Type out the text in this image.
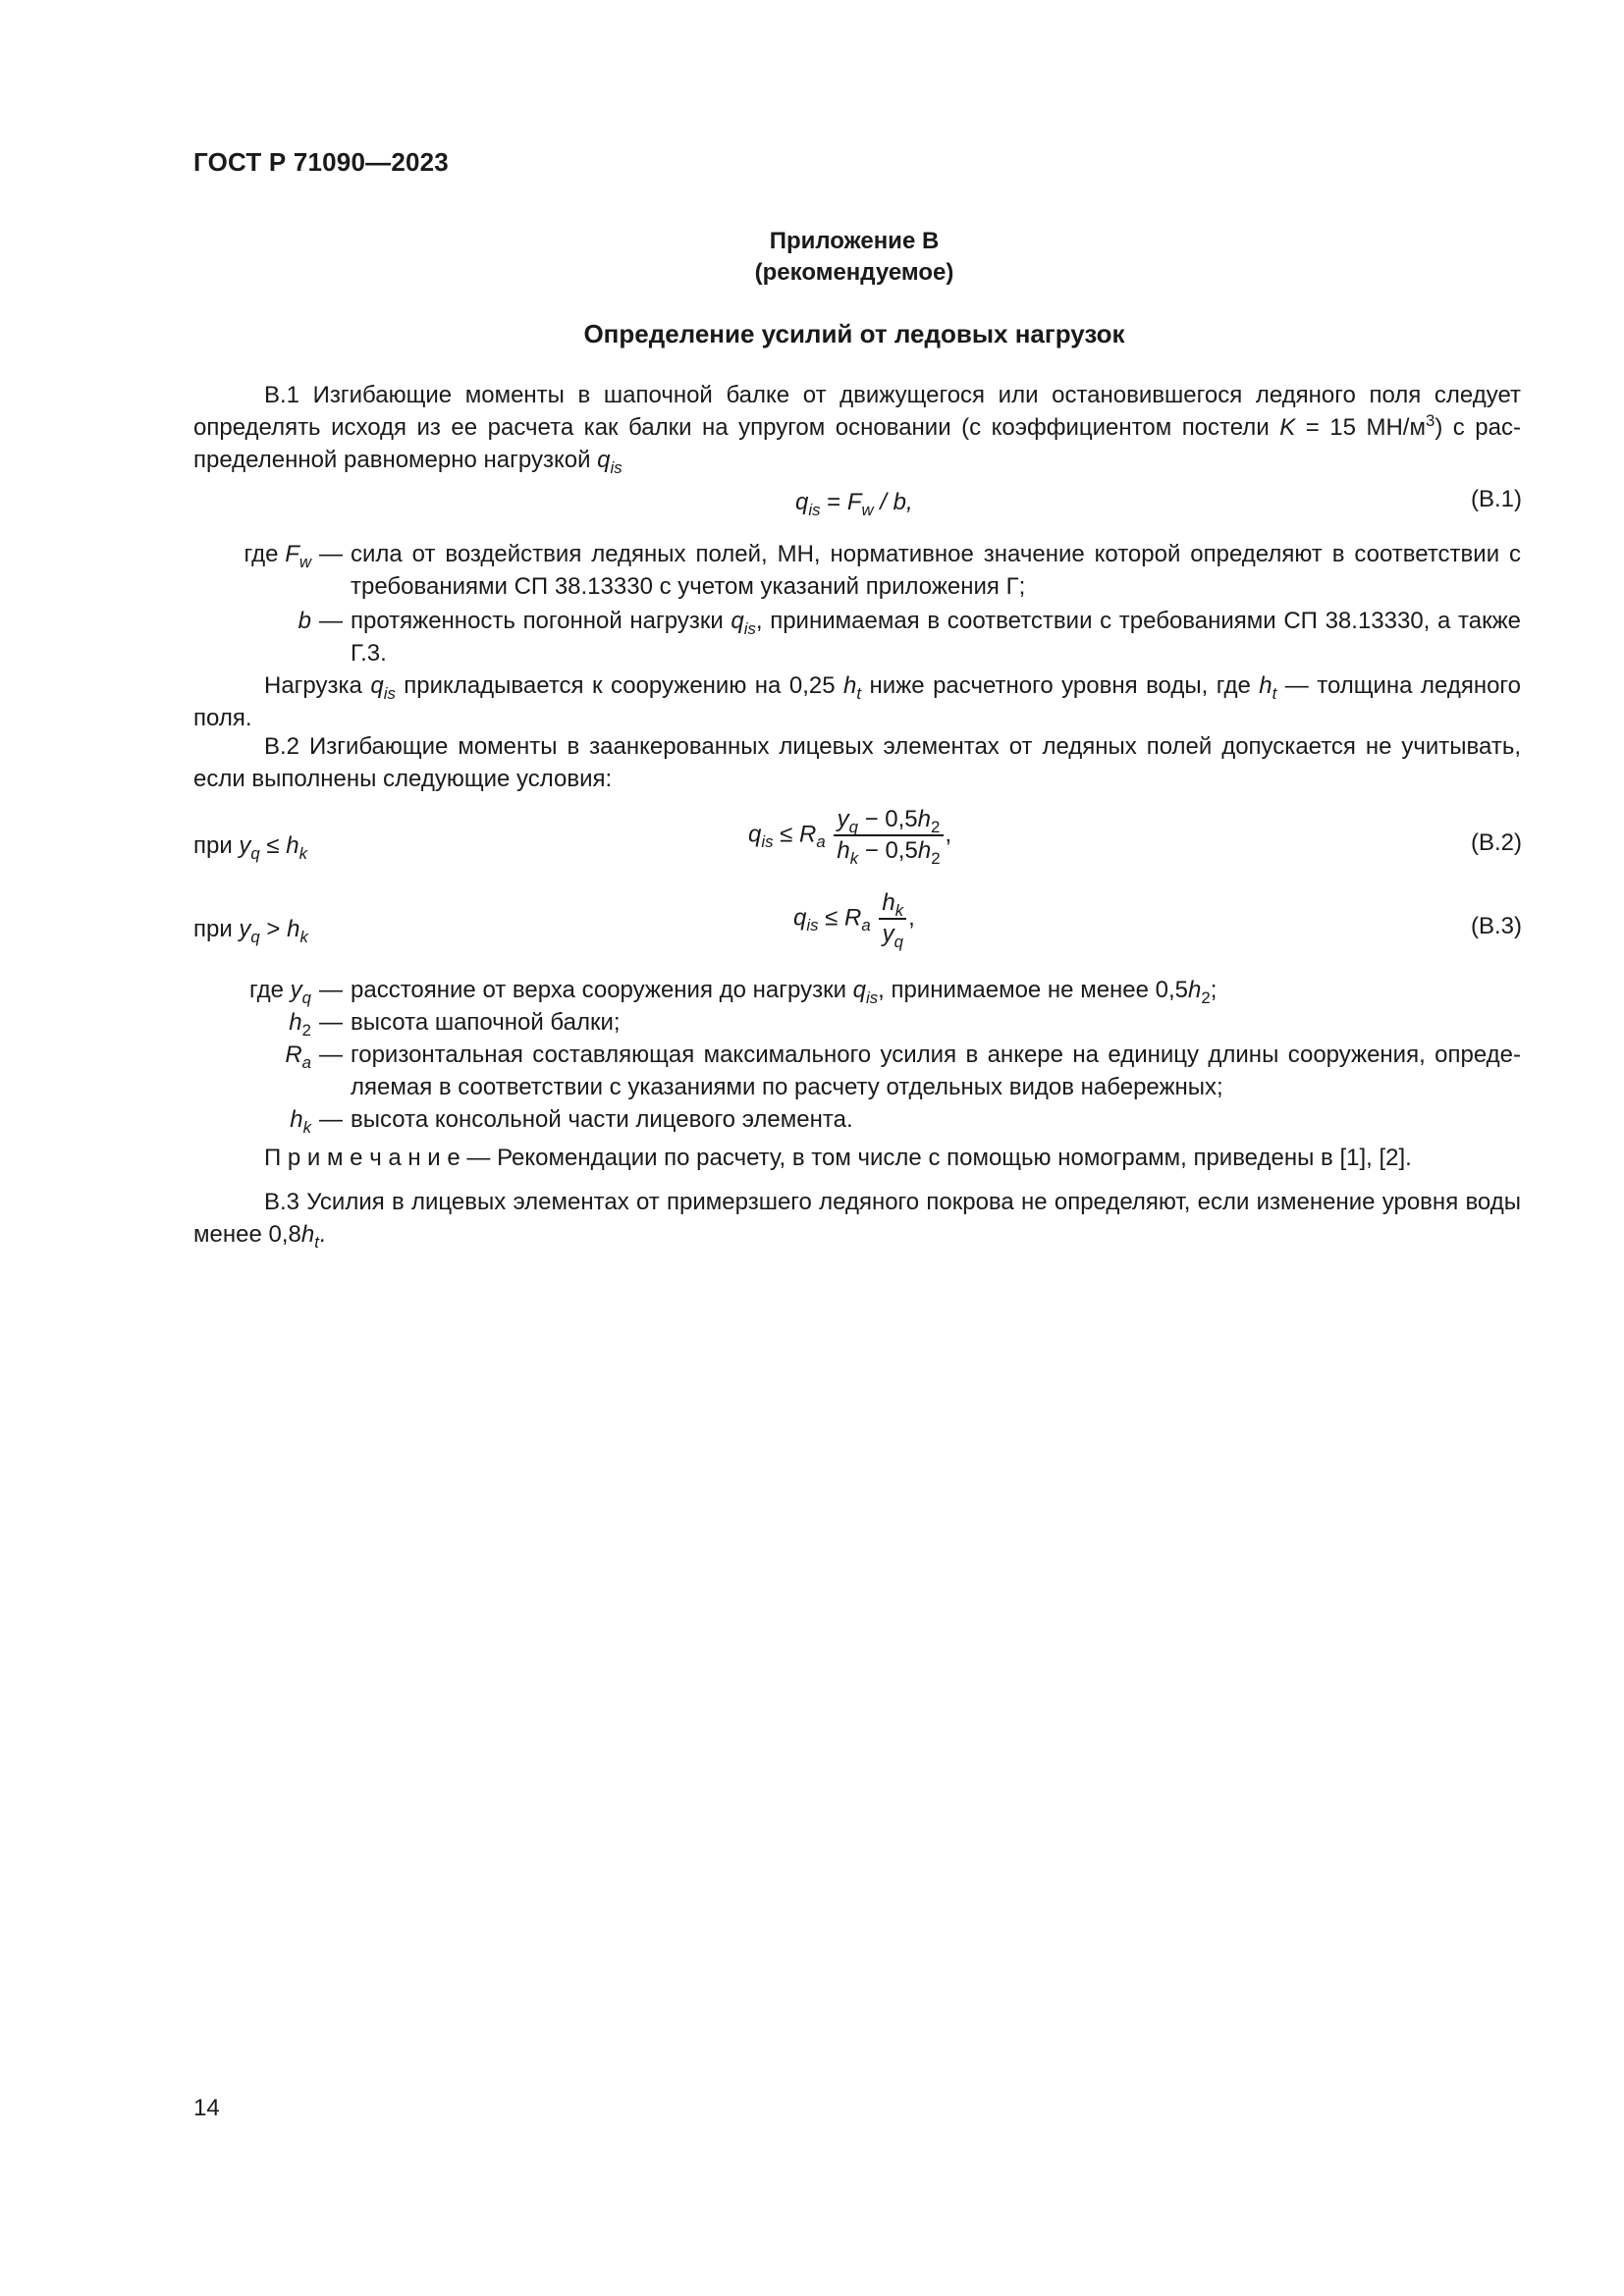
ГОСТ Р 71090—2023
Приложение В
(рекомендуемое)
Определение усилий от ледовых нагрузок
В.1 Изгибающие моменты в шапочной балке от движущегося или остановившегося ледяного поля следует определять исходя из ее расчета как балки на упругом основании (с коэффициентом постели K = 15 $МН/м^3$) с распределенной равномерно нагрузкой $q_{is}$
$q_{is} = F_w / b$,	(В.1)
где $F_w$ — сила от воздействия ледяных полей, МН, нормативное значение которой определяют в соответствии с требованиями СП 38.13330 с учетом указаний приложения Г;
b — протяженность погонной нагрузки $q_{is}$, принимаемая в соответствии с требованиями СП 38.13330, а также Г.3.
Нагрузка $q_{is}$ прикладывается к сооружению на 0,25 $h_t$ ниже расчетного уровня воды, где $h_t$ — толщина ледяного поля.
В.2 Изгибающие моменты в заанкерованных лицевых элементах от ледяных полей допускается не учитывать, если выполнены следующие условия:
при $y_q \le h_k$
$q_{is} \le R_a \frac{y_q - 0,5h_2}{h_k - 0,5h_2}$ ,	(В.2)
при $y_q > h_k$
$q_{is} \le R_a \frac{h_k}{y_q}$ ,	(В.3)
где $y_q$ — расстояние от верха сооружения до нагрузки $q_{is}$, принимаемое не менее $0,5h_2$;
$h_2$ — высота шапочной балки;
$R_a$ — горизонтальная составляющая максимального усилия в анкере на единицу длины сооружения, определяемая в соответствии с указаниями по расчету отдельных видов набережных;
$h_k$ — высота консольной части лицевого элемента.
П р и м е ч а н и е — Рекомендации по расчету, в том числе с помощью номограмм, приведены в [1], [2].
В.3 Усилия в лицевых элементах от примерзшего ледяного покрова не определяют, если изменение уровня воды менее $0,8h_t$.
14
